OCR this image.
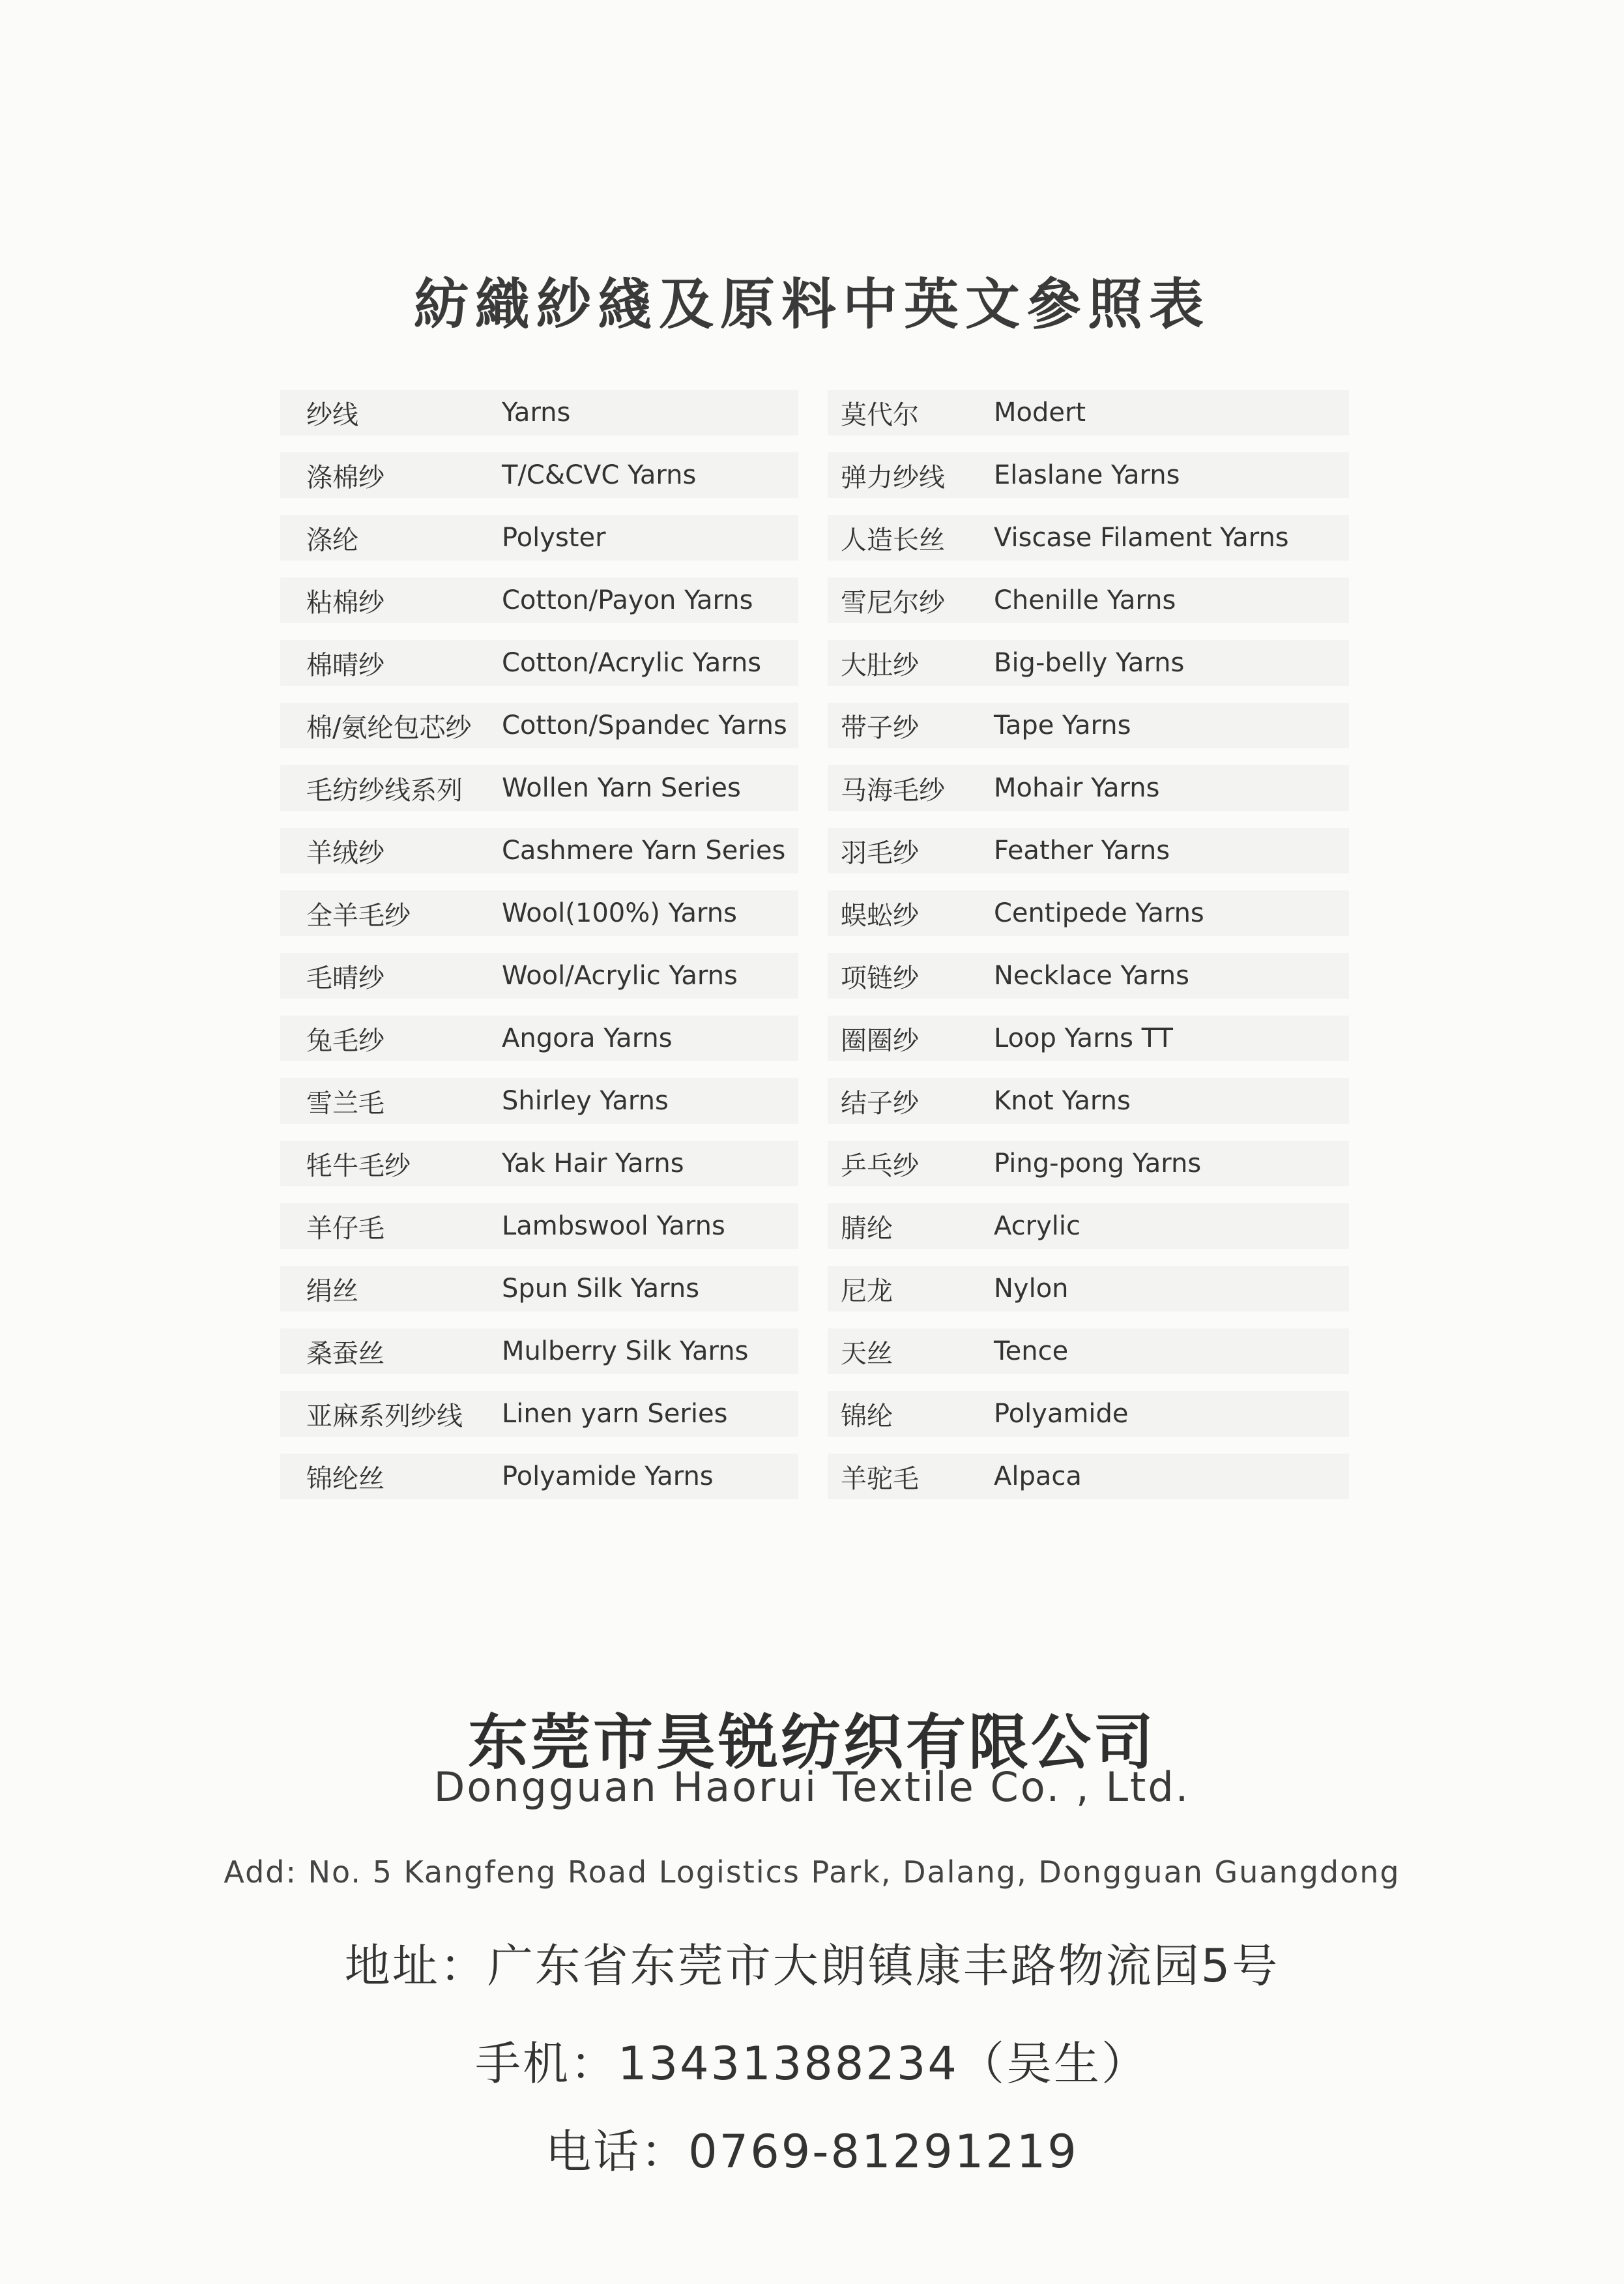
紡織紗綫及原料中英文參照表
纱线	Yarns	莫代尔	Modert
涤棉纱	T/C&CVC Yarns	弹力纱线	Elaslane Yarns
涤纶	Polyster	人造长丝	Viscase Filament Yarns
粘棉纱	Cotton/Payon Yarns	雪尼尔纱	Chenille Yarns
棉晴纱	Cotton/Acrylic Yarns	大肚纱	Big-belly Yarns
棉/氨纶包芯纱	Cotton/Spandec Yarns	带子纱	Tape Yarns
毛纺纱线系列	Wollen Yarn Series	马海毛纱	Mohair Yarns
羊绒纱	Cashmere Yarn Series	羽毛纱	Feather Yarns
全羊毛纱	Wool(100%) Yarns	蜈蚣纱	Centipede Yarns
毛晴纱	Wool/Acrylic Yarns	项链纱	Necklace Yarns
兔毛纱	Angora Yarns	圈圈纱	Loop Yarns TT
雪兰毛	Shirley Yarns	结子纱	Knot Yarns
牦牛毛纱	Yak Hair Yarns	乒乓纱	Ping-pong Yarns
羊仔毛	Lambswool Yarns	腈纶	Acrylic
绢丝	Spun Silk Yarns	尼龙	Nylon
桑蚕丝	Mulberry Silk Yarns	天丝	Tence
亚麻系列纱线	Linen yarn Series	锦纶	Polyamide
锦纶丝	Polyamide Yarns	羊驼毛	Alpaca
东莞市昊锐纺织有限公司
Dongguan Haorui Textile Co. , Ltd.
Add: No. 5 Kangfeng Road Logistics Park, Dalang, Dongguan Guangdong
地址：广东省东莞市大朗镇康丰路物流园5号
手机：13431388234（吴生）
电话：0769-81291219
